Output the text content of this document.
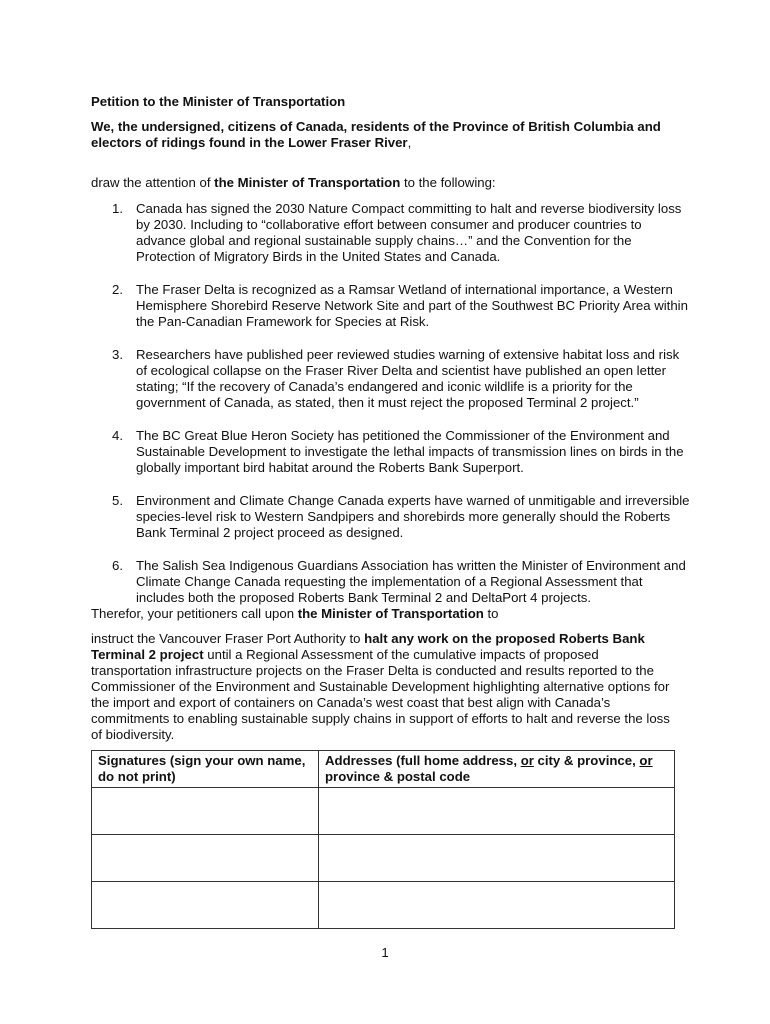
Petition to the Minister of Transportation
We, the undersigned, citizens of Canada, residents of the Province of British Columbia and electors of ridings found in the Lower Fraser River,
draw the attention of the Minister of Transportation to the following:
1. Canada has signed the 2030 Nature Compact committing to halt and reverse biodiversity loss by 2030. Including to “collaborative effort between consumer and producer countries to advance global and regional sustainable supply chains…” and the Convention for the Protection of Migratory Birds in the United States and Canada.
2. The Fraser Delta is recognized as a Ramsar Wetland of international importance, a Western Hemisphere Shorebird Reserve Network Site and part of the Southwest BC Priority Area within the Pan-Canadian Framework for Species at Risk.
3. Researchers have published peer reviewed studies warning of extensive habitat loss and risk of ecological collapse on the Fraser River Delta and scientist have published an open letter stating; “If the recovery of Canada’s endangered and iconic wildlife is a priority for the government of Canada, as stated, then it must reject the proposed Terminal 2 project.”
4. The BC Great Blue Heron Society has petitioned the Commissioner of the Environment and Sustainable Development to investigate the lethal impacts of transmission lines on birds in the globally important bird habitat around the Roberts Bank Superport.
5. Environment and Climate Change Canada experts have warned of unmitigable and irreversible species-level risk to Western Sandpipers and shorebirds more generally should the Roberts Bank Terminal 2 project proceed as designed.
6. The Salish Sea Indigenous Guardians Association has written the Minister of Environment and Climate Change Canada requesting the implementation of a Regional Assessment that includes both the proposed Roberts Bank Terminal 2 and DeltaPort 4 projects.
Therefor, your petitioners call upon the Minister of Transportation to
instruct the Vancouver Fraser Port Authority to halt any work on the proposed Roberts Bank Terminal 2 project until a Regional Assessment of the cumulative impacts of proposed transportation infrastructure projects on the Fraser Delta is conducted and results reported to the Commissioner of the Environment and Sustainable Development highlighting alternative options for the import and export of containers on Canada’s west coast that best align with Canada’s commitments to enabling sustainable supply chains in support of efforts to halt and reverse the loss of biodiversity.
Signatures (sign your own name, do not print)	Addresses (full home address, or city & province, or province & postal code

1
